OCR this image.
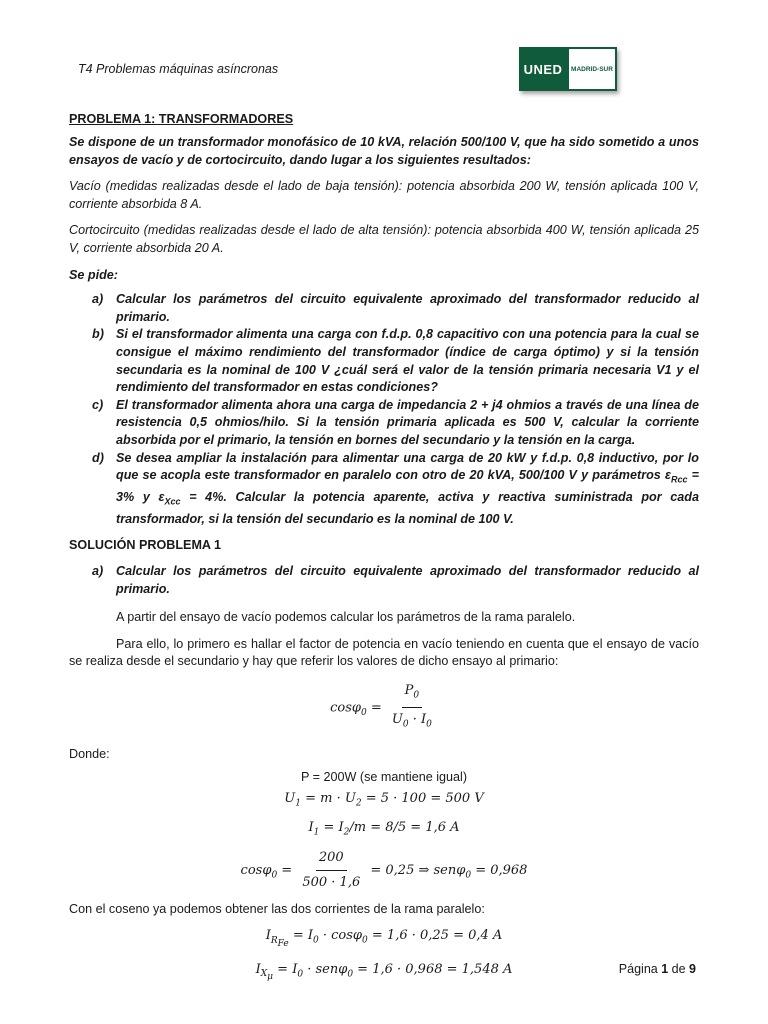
T4 Problemas máquinas asíncronas	UNED	MADRID-SUR
PROBLEMA 1: TRANSFORMADORES

Se dispone de un transformador monofásico de 10 kVA, relación 500/100 V, que ha sido sometido a unos ensayos de vacío y de cortocircuito, dando lugar a los siguientes resultados:

Vacío (medidas realizadas desde el lado de baja tensión): potencia absorbida 200 W, tensión aplicada 100 V, corriente absorbida 8 A.

Cortocircuito (medidas realizadas desde el lado de alta tensión): potencia absorbida 400 W, tensión aplicada 25 V, corriente absorbida 20 A.

Se pide:

a) Calcular los parámetros del circuito equivalente aproximado del transformador reducido al primario.
b) Si el transformador alimenta una carga con f.d.p. 0,8 capacitivo con una potencia para la cual se consigue el máximo rendimiento del transformador (índice de carga óptimo) y si la tensión secundaria es la nominal de 100 V ¿cuál será el valor de la tensión primaria necesaria V1 y el rendimiento del transformador en estas condiciones?
c) El transformador alimenta ahora una carga de impedancia 2 + j4 ohmios a través de una línea de resistencia 0,5 ohmios/hilo. Si la tensión primaria aplicada es 500 V, calcular la corriente absorbida por el primario, la tensión en bornes del secundario y la tensión en la carga.
d) Se desea ampliar la instalación para alimentar una carga de 20 kW y f.d.p. 0,8 inductivo, por lo que se acopla este transformador en paralelo con otro de 20 kVA, 500/100 V y parámetros $\varepsilon_{Rcc} = 3\%$ y $\varepsilon_{Xcc} = 4\%$. Calcular la potencia aparente, activa y reactiva suministrada por cada transformador, si la tensión del secundario es la nominal de 100 V.
SOLUCIÓN PROBLEMA 1
a) Calcular los parámetros del circuito equivalente aproximado del transformador reducido al primario.

A partir del ensayo de vacío podemos calcular los parámetros de la rama paralelo.

Para ello, lo primero es hallar el factor de potencia en vacío teniendo en cuenta que el ensayo de vacío se realiza desde el secundario y hay que referir los valores de dicho ensayo al primario:

$\cos\varphi_0 = \frac{P_0}{U_0 \cdot I_0}$

Donde:

P = 200W (se mantiene igual)

$U_1 = m \cdot U_2 = 5 \cdot 100 = 500$ V
$I_1 = I_2/m = 8/5 = 1,6$ A
$\cos\varphi_0 = \frac{200}{500 \cdot 1,6} = 0,25$ ⇒ senφ$_0$ = 0,968

Con el coseno ya podemos obtener las dos corrientes de la rama paralelo:

$I_{R_{Fe}} = I_0 \cdot \cos\varphi_0 = 1,6 \cdot 0,25 = 0,4$ A
$I_{X_\mu} = I_0 \cdot sen\varphi_0 = 1,6 \cdot 0,968 = 1,548$ A	Página 1 de 9
